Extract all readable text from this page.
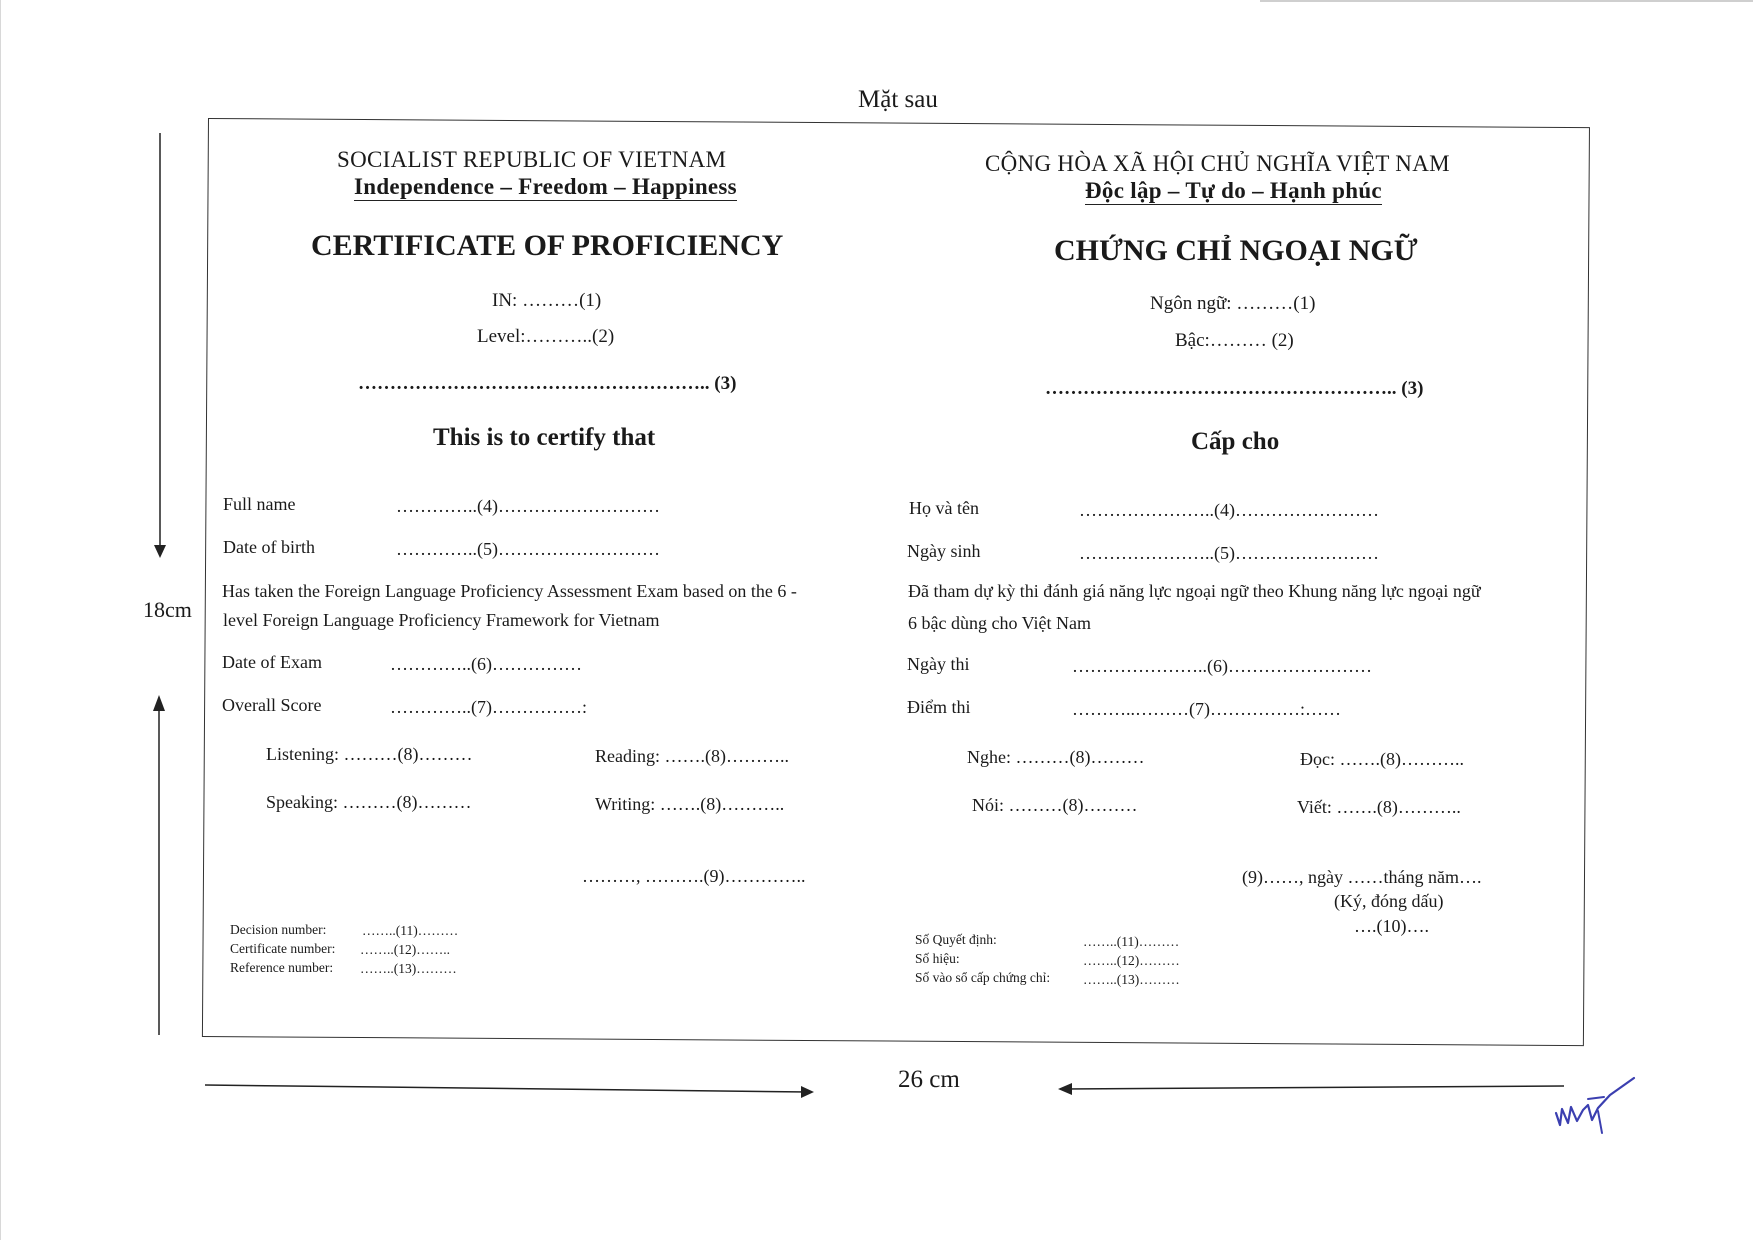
Mặt sau
18cm
SOCIALIST REPUBLIC OF VIETNAM
Independence – Freedom – Happiness
CERTIFICATE OF PROFICIENCY
IN: ………(1)
Level:………..(2)
……………………………………………….. (3)
This is to certify that
Full name	…………..(4)………………………
Date of birth	…………..(5)………………………
Has taken the Foreign Language Proficiency Assessment Exam based on the 6 -
level Foreign Language Proficiency Framework for Vietnam
Date of Exam	…………..(6)……………
Overall Score	…………..(7)……………:
Listening: ………(8)………	Reading: …….(8)………..
Speaking: ………(8)………	Writing: …….(8)………..
………, ……….(9)…………..
Decision number:	……..(11)………
Certificate number: ……..(12)……..
Reference number: ……..(13)………
CỘNG HÒA XÃ HỘI CHỦ NGHĨA VIỆT NAM
Độc lập – Tự do – Hạnh phúc
CHỨNG CHỈ NGOẠI NGỮ
Ngôn ngữ: ………(1)
Bậc:……… (2)
……………………………………………….. (3)
Cấp cho
Họ và tên	…………………..(4)……………………
Ngày sinh	…………………..(5)……………………
Đã tham dự kỳ thi đánh giá năng lực ngoại ngữ theo Khung năng lực ngoại ngữ
6 bậc dùng cho Việt Nam
Ngày thi	…………………..(6)……………………
Điểm thi	………..………(7)……………:……
Nghe: ………(8)………	Đọc: …….(8)………..
Nói: ………(8)………	Viết: …….(8)………..
(9)……, ngày ……tháng năm….
(Ký, đóng dấu)
….(10)….
Số Quyết định:	……..(11)………
Số hiệu:	……..(12)………
Số vào sổ cấp chứng chỉ: ……..(13)………
26 cm
